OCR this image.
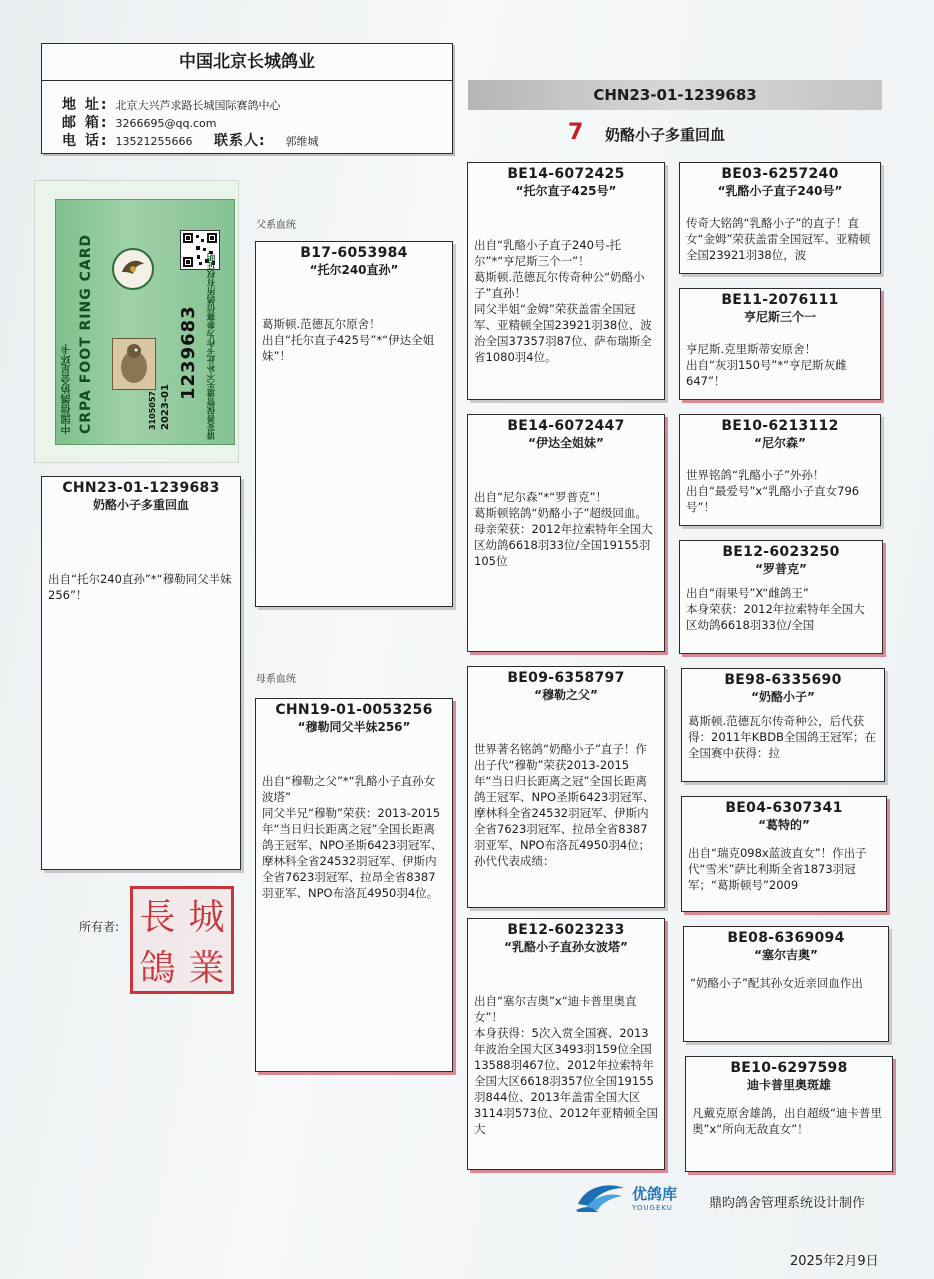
中国北京长城鸽业
地 址: 北京大兴芦求路长城国际赛鸽中心
邮 箱: 3266695@qq.com
电 话: 13521255666 联系人: 郭维城
CHN23-01-1239683
7 奶酪小子多重回血
中国信鸽协会足环卡 CRPA FOOT RING CARD	1239683
2023-01
3105057	请妥善保管遗失不补此卡作为参赛信鸽所有权证明
父系血统
母系血统
CHN23-01-1239683
奶酪小子多重回血
出自“托尔240直孙”*“穆勒同父半妹256”！
B17-6053984
“托尔240直孙”
葛斯顿.范德瓦尔原舍！
出自“托尔直子425号”*“伊达全姐妹”！
CHN19-01-0053256
“穆勒同父半妹256”
出自“穆勒之父”*“乳酪小子直孙女波塔”
同父半兄“穆勒”荣获：2013-2015年“当日归长距离之冠”全国长距离鸽王冠军、NPO圣斯6423羽冠军、摩林科全省24532羽冠军、伊斯内全省7623羽冠军、拉昂全省8387羽亚军、NPO布洛瓦4950羽4位。
BE14-6072425
“托尔直子425号”
出自“乳酪小子直子240号-托尔”*“亨尼斯三个一”！
葛斯顿.范德瓦尔传奇种公“奶酪小子”直孙！
同父半姐“金姆”荣获盖雷全国冠军、亚精顿全国23921羽38位、波治全国37357羽87位、萨布瑞斯全省1080羽4位。
BE14-6072447
“伊达全姐妹”
出自“尼尔森”*“罗普克”！
葛斯顿铭鸽“奶酪小子”超级回血。
母亲荣获：2012年拉索特年全国大区幼鸽6618羽33位/全国19155羽105位
BE09-6358797
“穆勒之父”
世界著名铭鸽“奶酪小子”直子！作出子代“穆勒”荣获2013-2015年“当日归长距离之冠”全国长距离鸽王冠军、NPO圣斯6423羽冠军、摩林科全省24532羽冠军、伊斯内全省7623羽冠军、拉昂全省8387羽亚军、NPO布洛瓦4950羽4位；
孙代代表成绩：
BE12-6023233
“乳酪小子直孙女波塔”
出自“塞尔吉奥”x“迪卡普里奥直女”！
本身获得：5次入赏全国赛、2013年波治全国大区3493羽159位全国13588羽467位、2012年拉索特年全国大区6618羽357位全国19155羽844位、2013年盖雷全国大区3114羽573位、2012年亚精顿全国大
BE03-6257240
“乳酪小子直子240号”
传奇大铭鸽“乳酪小子”的直子！直女“金姆”荣获盖雷全国冠军、亚精顿全国23921羽38位，波
BE11-2076111
亨尼斯三个一
亨尼斯.克里斯蒂安原舍！
出自“灰羽150号”*“亨尼斯灰雌647”！
BE10-6213112
“尼尔森”
世界铭鸽“乳酪小子”外孙！
出自“最爱号”x“乳酪小子直女796号”！
BE12-6023250
“罗普克”
出自“雨果号”X“雌鸽王”
本身荣获：2012年拉索特年全国大区幼鸽6618羽33位/全国
BE98-6335690
“奶酪小子”
葛斯顿.范德瓦尔传奇种公，后代获得：2011年KBDB全国鸽王冠军；在全国赛中获得：拉
BE04-6307341
“葛特的”
出自“瑞克098x蓝波直女”！作出子代“雪米”萨比利斯全省1873羽冠军；“葛斯顿号”2009
BE08-6369094
“塞尔吉奥”
“奶酪小子”配其孙女近亲回血作出
BE10-6297598
迪卡普里奥斑雄
凡戴克原舍雄鸽，出自超级“迪卡普里奥”x“所向无敌直女”！
所有者: 長 城
鴿 業
优鸽库
YOUGEKU	鼎昀鸽舍管理系统设计制作
2025年2月9日
